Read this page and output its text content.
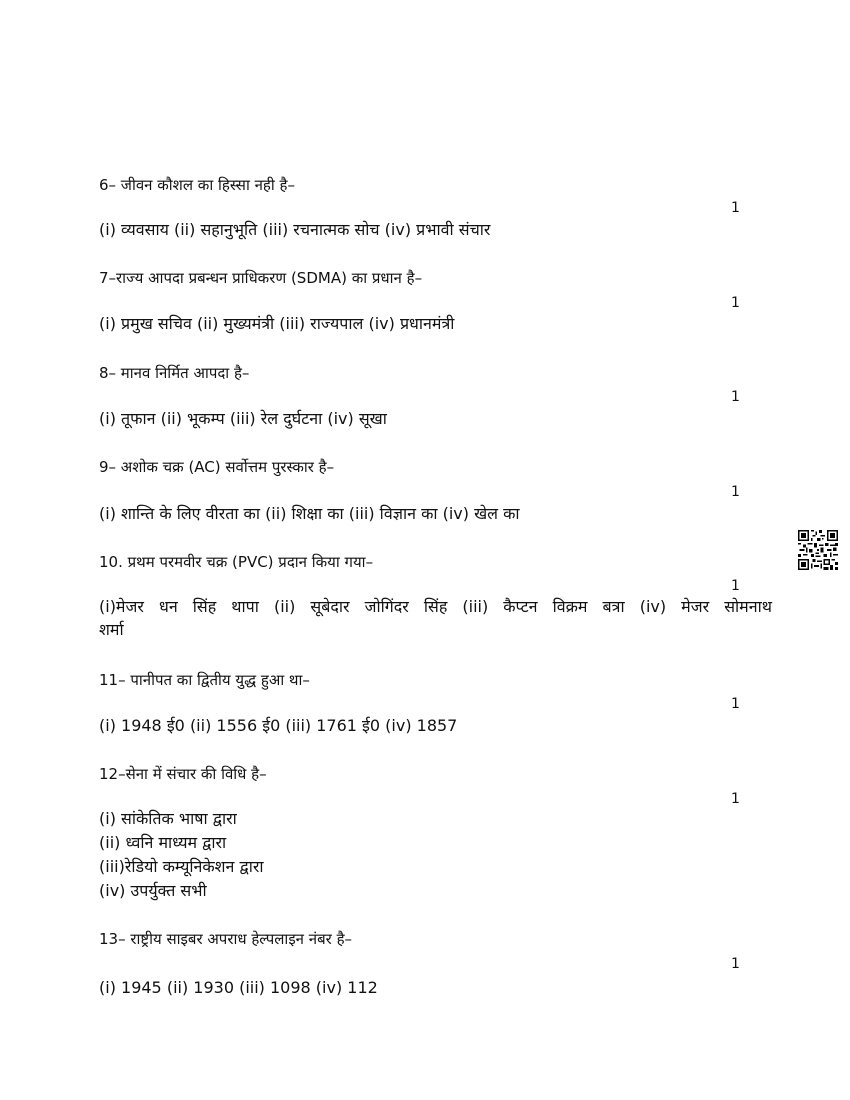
6– जीवन कौशल का हिस्सा नही है–
1
(i) व्यवसाय (ii) सहानुभूति (iii) रचनात्मक सोच (iv) प्रभावी संचार
7–राज्य आपदा प्रबन्धन प्राधिकरण (SDMA) का प्रधान है–
1
(i) प्रमुख सचिव (ii) मुख्यमंत्री (iii) राज्यपाल (iv) प्रधानमंत्री
8– मानव निर्मित आपदा है–
1
(i) तूफान (ii) भूकम्प (iii) रेल दुर्घटना (iv) सूखा
9– अशोक चक्र (AC) सर्वोत्तम पुरस्कार है–
1
(i) शान्ति के लिए वीरता का (ii) शिक्षा का (iii) विज्ञान का (iv) खेल का
10. प्रथम परमवीर चक्र (PVC) प्रदान किया गया–
1
(i)मेजर धन सिंह थापा (ii) सूबेदार जोगिंदर सिंह (iii) कैप्टन विक्रम बत्रा (iv) मेजर सोमनाथ
शर्मा
11– पानीपत का द्वितीय युद्ध हुआ था–
1
(i) 1948 ई0 (ii) 1556 ई0 (iii) 1761 ई0 (iv) 1857
12–सेना में संचार की विधि है–
1
(i) सांकेतिक भाषा द्वारा
(ii) ध्वनि माध्यम द्वारा
(iii)रेडियो कम्यूनिकेशन द्वारा
(iv) उपर्युक्त सभी
13– राष्ट्रीय साइबर अपराध हेल्पलाइन नंबर है–
1
(i) 1945 (ii) 1930 (iii) 1098 (iv) 112
